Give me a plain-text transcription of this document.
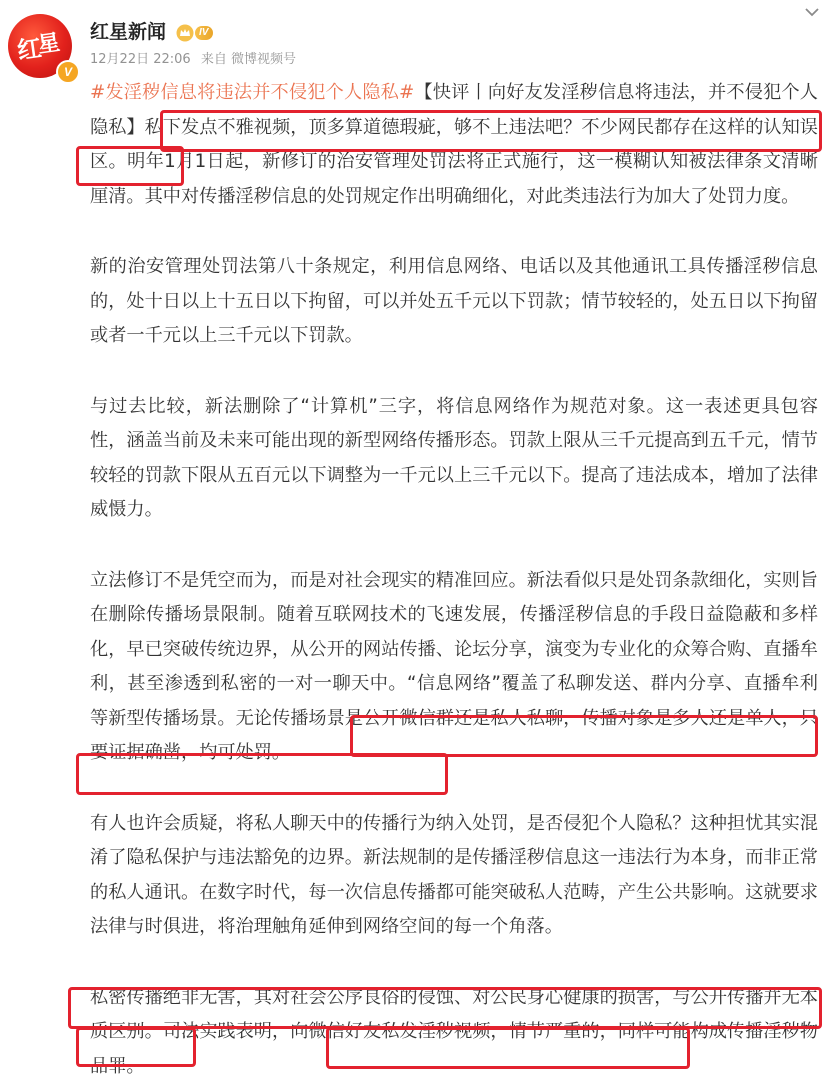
红
星
V
红星新闻	IV
12月22日 22:06 来自 微博视频号

#发淫秽信息将违法并不侵犯个人隐私#【快评丨向好友发淫秽信息将违法，并不侵犯个人隐私】私下发点不雅视频，顶多算道德瑕疵，够不上违法吧？不少网民都存在这样的认知误区。明年1月1日起，新修订的治安管理处罚法将正式施行，这一模糊认知被法律条文清晰厘清。其中对传播淫秽信息的处罚规定作出明确细化，对此类违法行为加大了处罚力度。

新的治安管理处罚法第八十条规定，利用信息网络、电话以及其他通讯工具传播淫秽信息的，处十日以上十五日以下拘留，可以并处五千元以下罚款；情节较轻的，处五日以下拘留或者一千元以上三千元以下罚款。

与过去比较，新法删除了“计算机”三字，将信息网络作为规范对象。这一表述更具包容性，涵盖当前及未来可能出现的新型网络传播形态。罚款上限从三千元提高到五千元，情节较轻的罚款下限从五百元以下调整为一千元以上三千元以下。提高了违法成本，增加了法律威慑力。

立法修订不是凭空而为，而是对社会现实的精准回应。新法看似只是处罚条款细化，实则旨在删除传播场景限制。随着互联网技术的飞速发展，传播淫秽信息的手段日益隐蔽和多样化，早已突破传统边界，从公开的网站传播、论坛分享，演变为专业化的众筹合购、直播牟利，甚至渗透到私密的一对一聊天中。“信息网络”覆盖了私聊发送、群内分享、直播牟利等新型传播场景。无论传播场景是公开微信群还是私人私聊，传播对象是多人还是单人，只要证据确凿，均可处罚。

有人也许会质疑，将私人聊天中的传播行为纳入处罚，是否侵犯个人隐私？这种担忧其实混淆了隐私保护与违法豁免的边界。新法规制的是传播淫秽信息这一违法行为本身，而非正常的私人通讯。在数字时代，每一次信息传播都可能突破私人范畴，产生公共影响。这就要求法律与时俱进，将治理触角延伸到网络空间的每一个角落。

私密传播绝非无害，其对社会公序良俗的侵蚀、对公民身心健康的损害，与公开传播并无本质区别。司法实践表明，向微信好友私发淫秽视频，情节严重的，同样可能构成传播淫秽物品罪。
